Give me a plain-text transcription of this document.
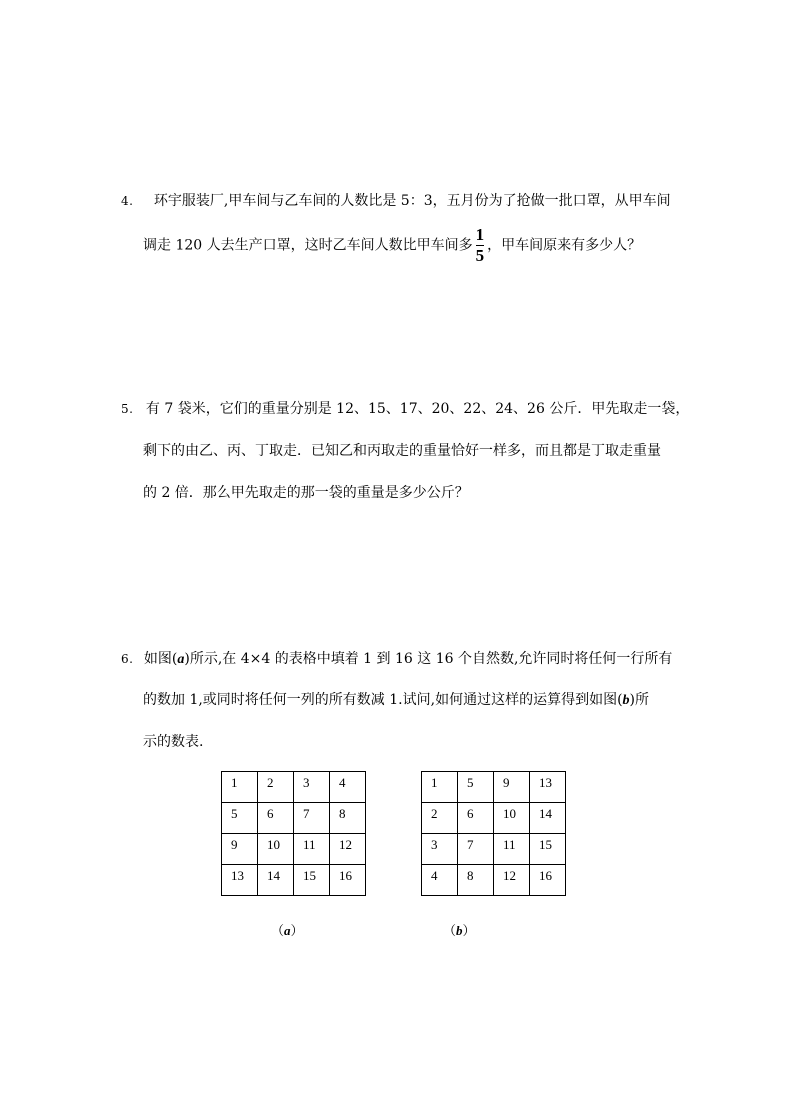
4. 环宇服装厂,甲车间与乙车间的人数比是 5：3，五月份为了抢做一批口罩，从甲车间
调走 120 人去生产口罩，这时乙车间人数比甲车间多 $\frac{1}{5}$ ，甲车间原来有多少人？
5. 有 7 袋米，它们的重量分别是 12、15、17、20、22、24、26 公斤．甲先取走一袋，
剩下的由乙、丙、丁取走．已知乙和丙取走的重量恰好一样多，而且都是丁取走重量
的 2 倍．那么甲先取走的那一袋的重量是多少公斤？
6. 如图(a)所示,在 4×4 的表格中填着 1 到 16 这 16 个自然数,允许同时将任何一行所有
的数加 1,或同时将任何一列的所有数减 1.试问,如何通过这样的运算得到如图(b)所
示的数表.
1	2	3	4
5	6	7	8
9	10	11	12
13	14	15	16
1	5	9	13
2	6	10	14
3	7	11	15
4	8	12	16
（a）	（b）
